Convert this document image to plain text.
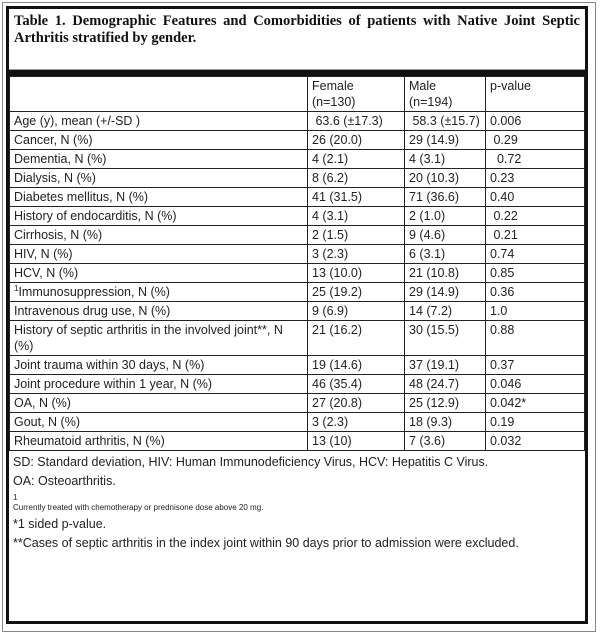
Table 1. Demographic Features and Comorbidities of patients with Native Joint Septic Arthritis stratified by gender.
	Female (n=130)	Male (n=194)	p-value
Age (y), mean (+/-SD )	63.6 (±17.3)	58.3 (±15.7)	0.006
Cancer, N (%)	26 (20.0)	29 (14.9)	0.29
Dementia, N (%)	4 (2.1)	4 (3.1)	0.72
Dialysis, N (%)	8 (6.2)	20 (10.3)	0.23
Diabetes mellitus, N (%)	41 (31.5)	71 (36.6)	0.40
History of endocarditis, N (%)	4 (3.1)	2 (1.0)	0.22
Cirrhosis, N (%)	2 (1.5)	9 (4.6)	0.21
HIV, N (%)	3 (2.3)	6 (3.1)	0.74
HCV, N (%)	13 (10.0)	21 (10.8)	0.85
$^1$Immunosuppression, N (%)	25 (19.2)	29 (14.9)	0.36
Intravenous drug use, N (%)	9 (6.9)	14 (7.2)	1.0
History of septic arthritis in the involved joint**, N (%)	21 (16.2)	30 (15.5)	0.88
Joint trauma within 30 days, N (%)	19 (14.6)	37 (19.1)	0.37
Joint procedure within 1 year, N (%)	46 (35.4)	48 (24.7)	0.046
OA, N (%)	27 (20.8)	25 (12.9)	0.042*
Gout, N (%)	3 (2.3)	18 (9.3)	0.19
Rheumatoid arthritis, N (%)	13 (10)	7 (3.6)	0.032
SD: Standard deviation, HIV: Human Immunodeficiency Virus, HCV: Hepatitis C Virus.
OA: Osteoarthritis.
1
Currently treated with chemotherapy or prednisone dose above 20 mg.
*1 sided p-value.
**Cases of septic arthritis in the index joint within 90 days prior to admission were excluded.
